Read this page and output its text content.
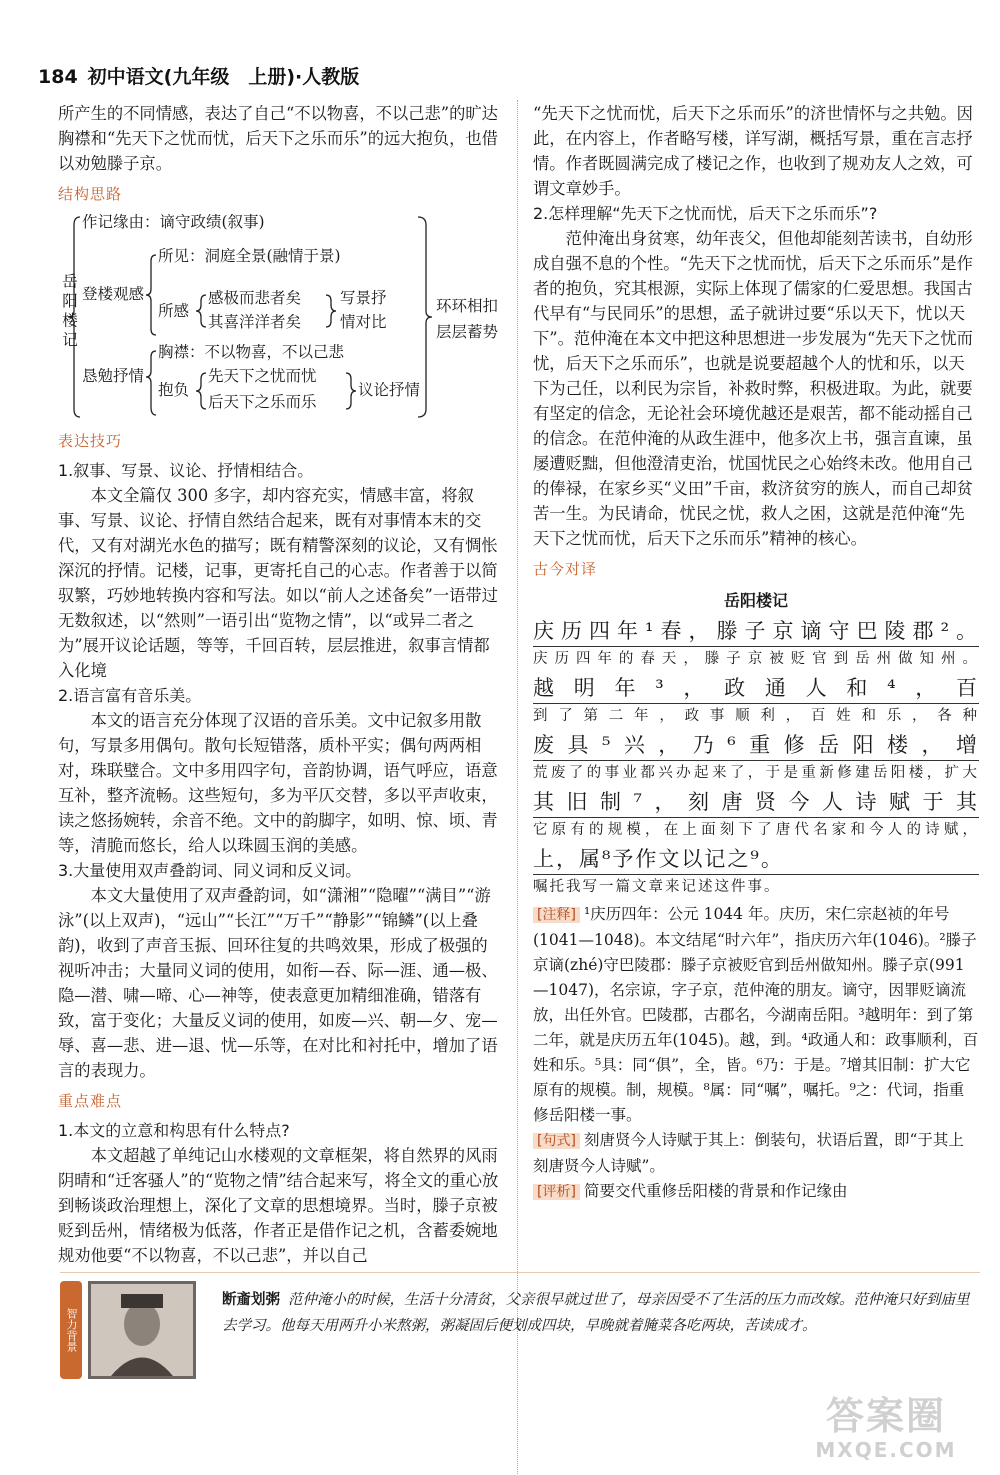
184 初中语文(九年级　上册)·人教版

所产生的不同情感，表达了自己“不以物喜，不以己悲”的旷达胸襟和“先天下之忧而忧，后天下之乐而乐”的远大抱负，也借以劝勉滕子京。

结构思路
岳阳楼记
作记缘由：谪守政绩(叙事)
登楼观感
所见：洞庭全景(融情于景)
所感
感极而悲者矣
其喜洋洋者矣
写景抒
情对比
恳勉抒情
胸襟：不以物喜，不以己悲
抱负
先天下之忧而忧
后天下之乐而乐
议论抒情
环环相扣
层层蓄势
表达技巧

1.叙事、写景、议论、抒情相结合。

本文全篇仅 300 多字，却内容充实，情感丰富，将叙事、写景、议论、抒情自然结合起来，既有对事情本末的交代，又有对湖光水色的描写；既有精警深刻的议论，又有惆怅深沉的抒情。记楼，记事，更寄托自己的心志。作者善于以简驭繁，巧妙地转换内容和写法。如以“前人之述备矣”一语带过无数叙述，以“然则”一语引出“览物之情”，以“或异二者之为”展开议论话题，等等，千回百转，层层推进，叙事言情都入化境

2.语言富有音乐美。

本文的语言充分体现了汉语的音乐美。文中记叙多用散句，写景多用偶句。散句长短错落，质朴平实；偶句两两相对，珠联璧合。文中多用四字句，音韵协调，语气呼应，语意互补，整齐流畅。这些短句，多为平仄交替，多以平声收束，读之悠扬婉转，余音不绝。文中的韵脚字，如明、惊、顷、青等，清脆而悠长，给人以珠圆玉润的美感。

3.大量使用双声叠韵词、同义词和反义词。

本文大量使用了双声叠韵词，如“潇湘”“隐曜”“满目”“游泳”(以上双声)，“远山”“长江”“万千”“静影”“锦鳞”(以上叠韵)，收到了声音玉振、回环往复的共鸣效果，形成了极强的视听冲击；大量同义词的使用，如衔—吞、际—涯、通—极、隐—潜、啸—啼、心—神等，使表意更加精细准确，错落有致，富于变化；大量反义词的使用，如废—兴、朝—夕、宠—辱、喜—悲、进—退、忧—乐等，在对比和衬托中，增加了语言的表现力。

重点难点

1.本文的立意和构思有什么特点?

本文超越了单纯记山水楼观的文章框架，将自然界的风雨阴晴和“迁客骚人”的“览物之情”结合起来写，将全文的重心放到畅谈政治理想上，深化了文章的思想境界。当时，滕子京被贬到岳州，情绪极为低落，作者正是借作记之机，含蓄委婉地规劝他要“不以物喜，不以己悲”，并以自己

“先天下之忧而忧，后天下之乐而乐”的济世情怀与之共勉。因此，在内容上，作者略写楼，详写湖，概括写景，重在言志抒情。作者既圆满完成了楼记之作，也收到了规劝友人之效，可谓文章妙手。

2.怎样理解“先天下之忧而忧，后天下之乐而乐”?

范仲淹出身贫寒，幼年丧父，但他却能刻苦读书，自幼形成自强不息的个性。“先天下之忧而忧，后天下之乐而乐”是作者的抱负，究其根源，实际上体现了儒家的仁爱思想。我国古代早有“与民同乐”的思想，孟子就讲过要“乐以天下，忧以天下”。范仲淹在本文中把这种思想进一步发展为“先天下之忧而忧，后天下之乐而乐”，也就是说要超越个人的忧和乐，以天下为己任，以利民为宗旨，补救时弊，积极进取。为此，就要有坚定的信念，无论社会环境优越还是艰苦，都不能动摇自己的信念。在范仲淹的从政生涯中，他多次上书，强言直谏，虽屡遭贬黜，但他澄清吏治，忧国忧民之心始终未改。他用自己的俸禄，在家乡买“义田”千亩，救济贫穷的族人，而自己却贫苦一生。为民请命，忧民之忧，救人之困，这就是范仲淹“先天下之忧而忧，后天下之乐而乐”精神的核心。

古今对译
岳阳楼记
庆历四年¹春，滕子京谪守巴陵郡²。
庆历四年的春天，滕子京被贬官到岳州做知州。
越明年³，政通人和⁴，百
到了第二年，政事顺利，百姓和乐，各种
废具⁵兴，乃⁶重修岳阳楼，增
荒废了的事业都兴办起来了，于是重新修建岳阳楼，扩大
其旧制⁷，刻唐贤今人诗赋于其
它原有的规模，在上面刻下了唐代名家和今人的诗赋，
上，属⁸予作文以记之⁹。
嘱托我写一篇文章来记述这件事。

[注释] ¹庆历四年：公元 1044 年。庆历，宋仁宗赵祯的年号(1041—1048)。本文结尾“时六年”，指庆历六年(1046)。²滕子京谪(zhé)守巴陵郡：滕子京被贬官到岳州做知州。滕子京(991—1047)，名宗谅，字子京，范仲淹的朋友。谪守，因罪贬谪流放，出任外官。巴陵郡，古郡名，今湖南岳阳。³越明年：到了第二年，就是庆历五年(1045)。越，到。⁴政通人和：政事顺利，百姓和乐。⁵具：同“俱”，全，皆。⁶乃：于是。⁷增其旧制：扩大它原有的规模。制，规模。⁸属：同“嘱”，嘱托。⁹之：代词，指重修岳阳楼一事。

[句式] 刻唐贤今人诗赋于其上：倒装句，状语后置，即“于其上刻唐贤今人诗赋”。

[评析] 简要交代重修岳阳楼的背景和作记缘由

智力背景
断齑划粥 范仲淹小的时候，生活十分清贫，父亲很早就过世了，母亲因受不了生活的压力而改嫁。范仲淹只好到庙里去学习。他每天用两升小米熬粥，粥凝固后便划成四块，早晚就着腌菜各吃两块，苦读成才。
答案圈
MXQE.COM
